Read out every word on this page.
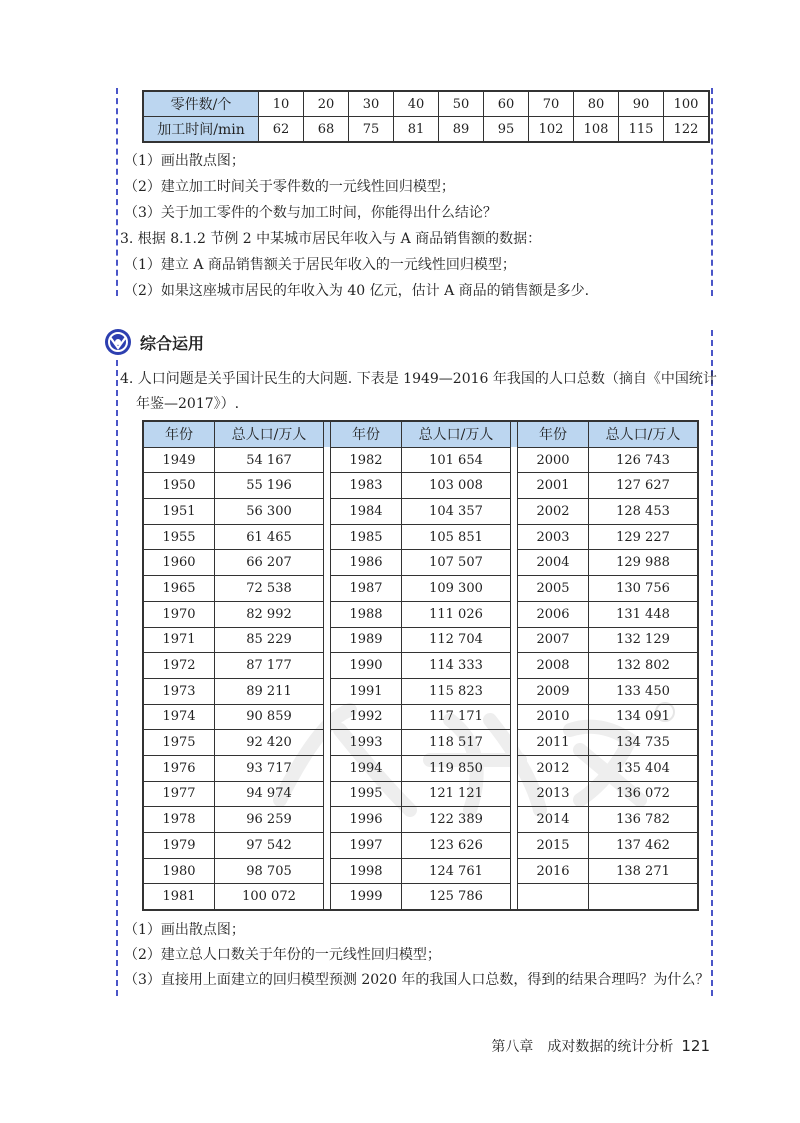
零件数/个	10	20	30	40	50	60	70	80	90	100
加工时间/min	62	68	75	81	89	95	102	108	115	122
（1）画出散点图；
（2）建立加工时间关于零件数的一元线性回归模型；
（3）关于加工零件的个数与加工时间，你能得出什么结论？
3. 根据 8.1.2 节例 2 中某城市居民年收入与 A 商品销售额的数据：
（1）建立 A 商品销售额关于居民年收入的一元线性回归模型；
（2）如果这座城市居民的年收入为 40 亿元，估计 A 商品的销售额是多少.
综合运用
4. 人口问题是关乎国计民生的大问题. 下表是 1949—2016 年我国的人口总数（摘自《中国统计
年鉴—2017》）.
年份	总人口/万人		年份	总人口/万人		年份	总人口/万人
1949	54 167		1982	101 654		2000	126 743
1950	55 196		1983	103 008		2001	127 627
1951	56 300		1984	104 357		2002	128 453
1955	61 465		1985	105 851		2003	129 227
1960	66 207		1986	107 507		2004	129 988
1965	72 538		1987	109 300		2005	130 756
1970	82 992		1988	111 026		2006	131 448
1971	85 229		1989	112 704		2007	132 129
1972	87 177		1990	114 333		2008	132 802
1973	89 211		1991	115 823		2009	133 450
1974	90 859		1992	117 171		2010	134 091
1975	92 420		1993	118 517		2011	134 735
1976	93 717		1994	119 850		2012	135 404
1977	94 974		1995	121 121		2013	136 072
1978	96 259		1996	122 389		2014	136 782
1979	97 542		1997	123 626		2015	137 462
1980	98 705		1998	124 761		2016	138 271
1981	100 072		1999	125 786			
（1）画出散点图；
（2）建立总人口数关于年份的一元线性回归模型；
（3）直接用上面建立的回归模型预测 2020 年的我国人口总数，得到的结果合理吗？为什么？
第八章　成对数据的统计分析 121
